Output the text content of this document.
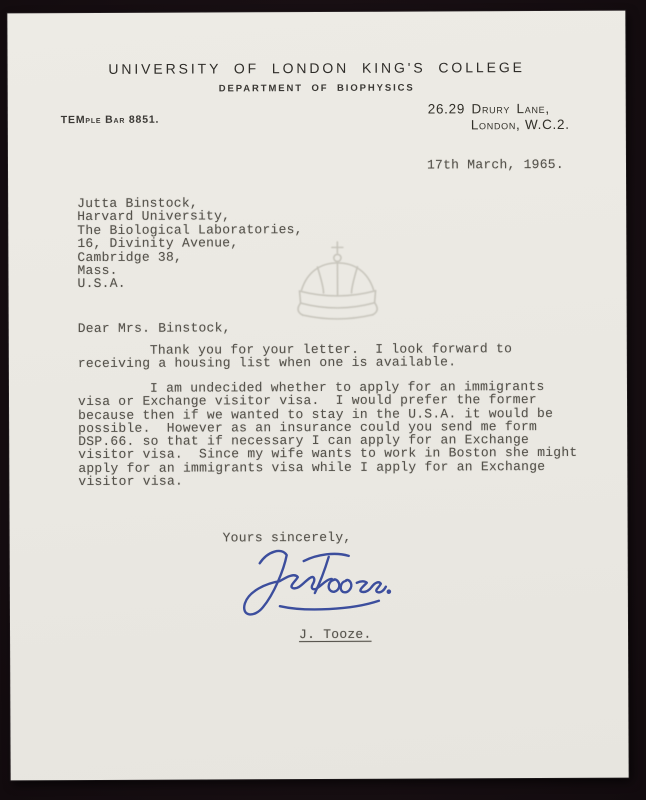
UNIVERSITY OF LONDON KING'S COLLEGE
DEPARTMENT OF BIOPHYSICS
TEMple Bar 8851.
26.29 Drury Lane,
London, W.C.2.
17th March, 1965.
Jutta Binstock,
Harvard University,
The Biological Laboratories,
16, Divinity Avenue,
Cambridge 38,
Mass.
U.S.A.
Dear Mrs. Binstock,
Thank you for your letter.  I look forward to
receiving a housing list when one is available.
I am undecided whether to apply for an immigrants
visa or Exchange visitor visa.  I would prefer the former
because then if we wanted to stay in the U.S.A. it would be
possible.  However as an insurance could you send me form
DSP.66. so that if necessary I can apply for an Exchange
visitor visa.  Since my wife wants to work in Boston she might
apply for an immigrants visa while I apply for an Exchange
visitor visa.
Yours sincerely,
J. Tooze.
